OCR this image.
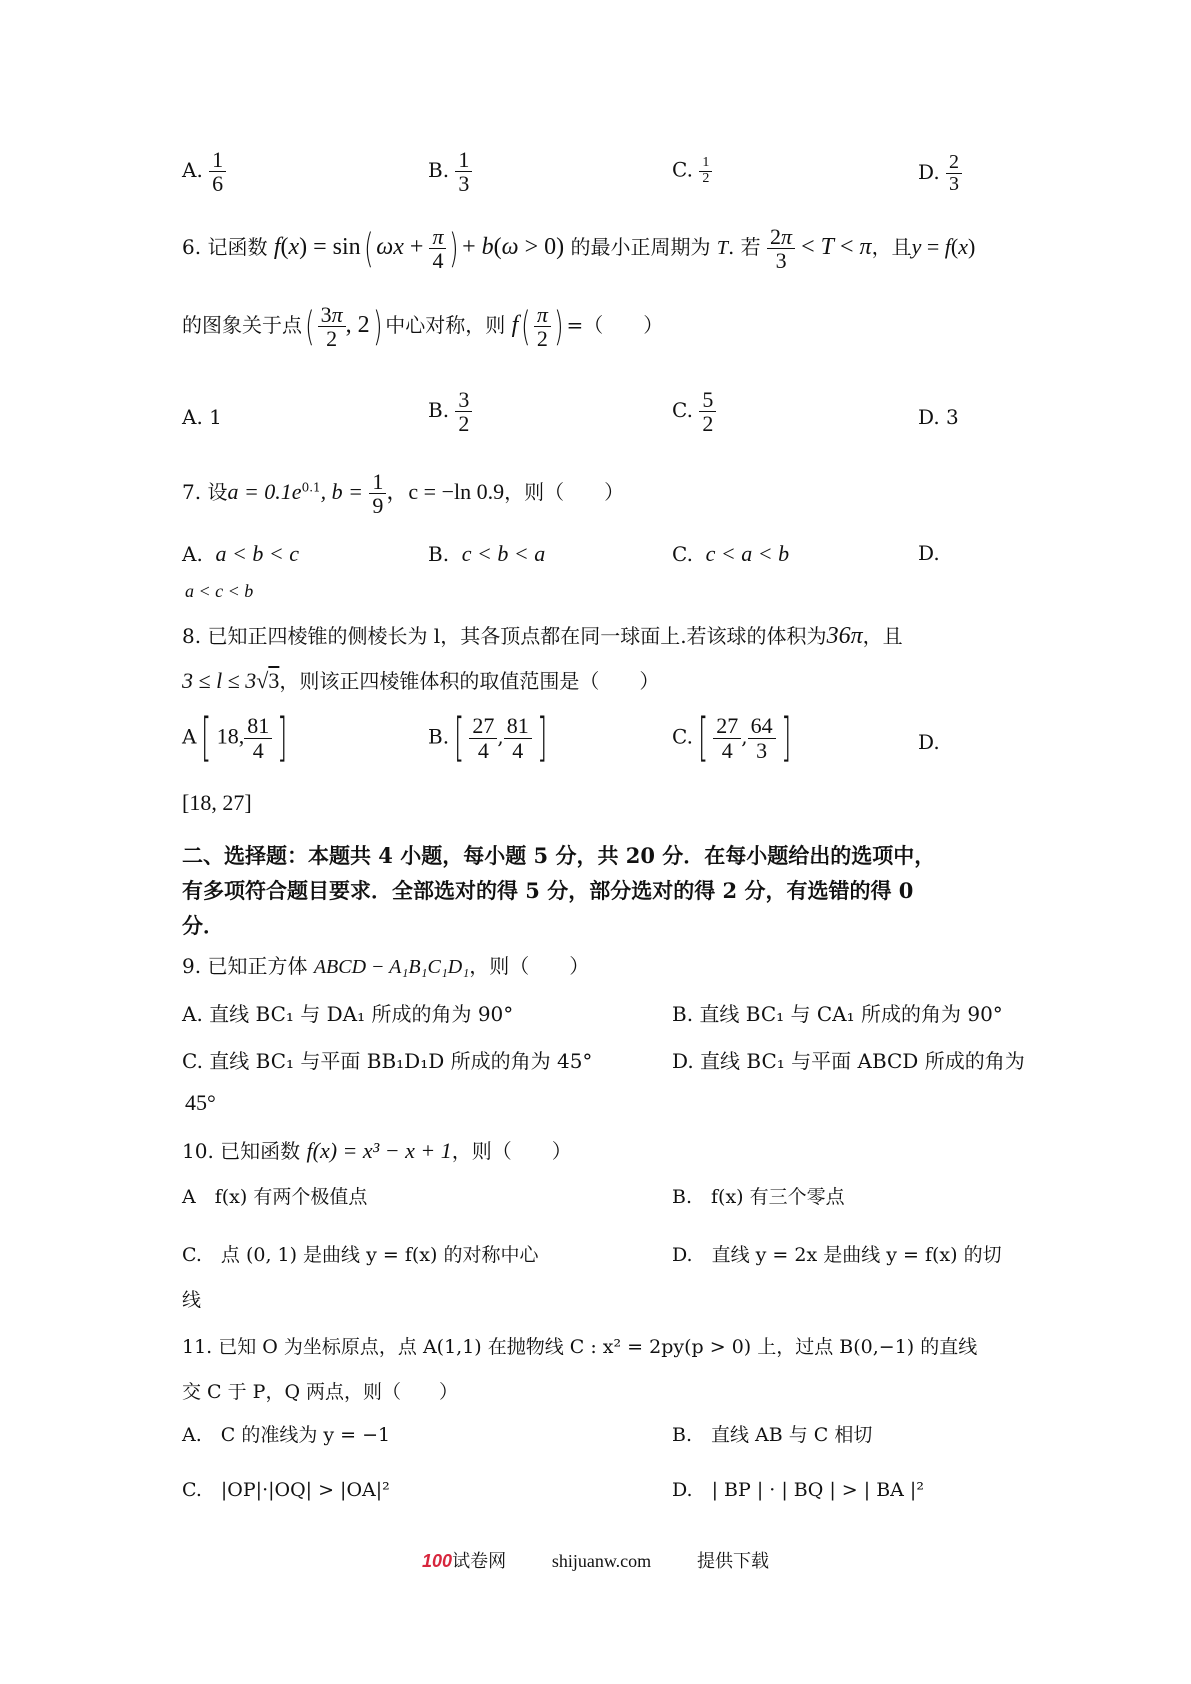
A. $\frac{1}{6}$	B. $\frac{1}{3}$	C. $\frac{1}{2}$	D. $\frac{2}{3}$
6. 记函数 f(x) = sin( $\omega x + \frac{\pi}{4}$ ) + b(ω > 0) 的最小正周期为 T. 若 $\frac{2\pi}{3} < T < \pi$，且y = f(x)
的图象关于点( $\frac{3\pi}{2}$ , 2) 中心对称，则 $f( \frac{\pi}{2}$ ) =（　　）
A. 1	B. $\frac{3}{2}$	C. $\frac{5}{2}$	D. 3
7. 设$a = 0.1e^{0.1}$, $b = \frac{1}{9}$ ，c = −ln 0.9，则（　　）
A. a < b < c	B. c < b < a	C. c < a < b	D.
a < c < b
8. 已知正四棱锥的侧棱长为 l，其各顶点都在同一球面上.若该球的体积为36π，且
3 ≤ l ≤ 3√3，则该正四棱锥体积的取值范围是（　　）
A[ 18, $\frac{81}{4}$ ]	$B.[ \frac{27}{4}$ , $\frac{81}{4}$ ]	$C.[ \frac{27}{4}$ , $\frac{64}{3}$ ]	D.
[18, 27]
二、选择题：本题共 4 小题，每小题 5 分，共 20 分．在每小题给出的选项中，
有多项符合题目要求．全部选对的得 5 分，部分选对的得 2 分，有选错的得 0
分．
9. 已知正方体 ABCD − A₁B₁C₁D₁，则（　　）
A. 直线 BC₁ 与 DA₁ 所成的角为 90°	B. 直线 BC₁ 与 CA₁ 所成的角为 90°
C. 直线 BC₁ 与平面 BB₁D₁D 所成的角为 45°	D. 直线 BC₁ 与平面 ABCD 所成的角为
45°
10. 已知函数 f(x) = x³ − x + 1，则（　　）
A　f(x) 有两个极值点	B.　f(x) 有三个零点
C.　点 (0, 1) 是曲线 y = f(x) 的对称中心	D.　直线 y = 2x 是曲线 y = f(x) 的切
线
11. 已知 O 为坐标原点，点 A(1,1) 在抛物线 C : x² = 2py(p > 0) 上，过点 B(0,−1) 的直线
交 C 于 P，Q 两点，则（　　）
A.　C 的准线为 y = −1	B.　直线 AB 与 C 相切
C.　|OP|·|OQ| > |OA|²	D.　| BP | · | BQ | > | BA |²
100试卷网	shijuanw.com	提供下载
